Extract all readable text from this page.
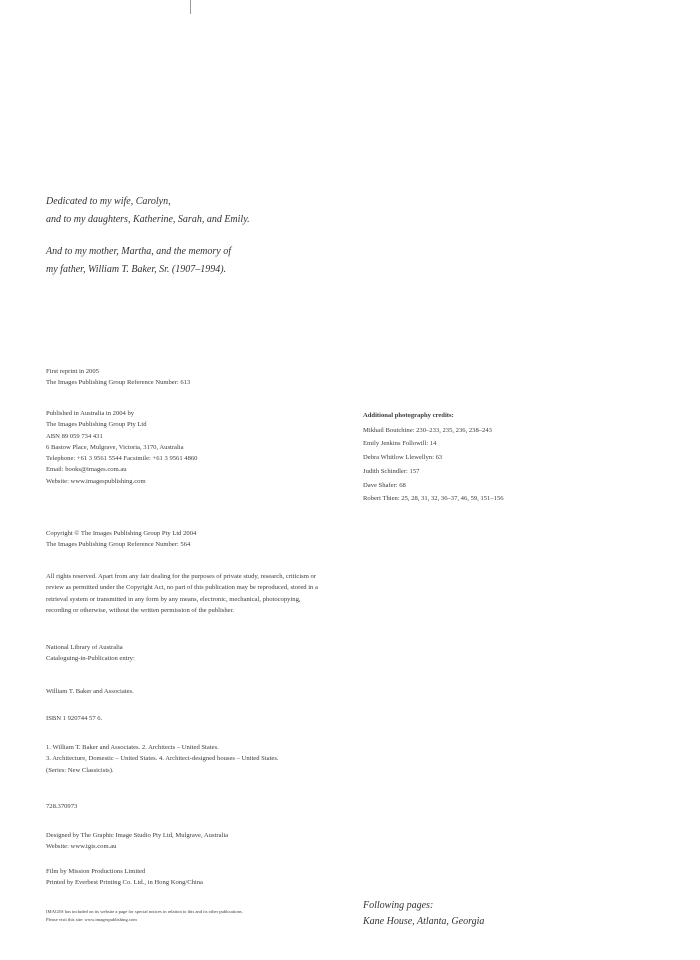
Dedicated to my wife, Carolyn,
and to my daughters, Katherine, Sarah, and Emily.

And to my mother, Martha, and the memory of
my father, William T. Baker, Sr. (1907–1994).

First reprint in 2005
The Images Publishing Group Reference Number: 613
Published in Australia in 2004 by
The Images Publishing Group Pty Ltd
ABN 89 059 734 431
6 Bastow Place, Mulgrave, Victoria, 3170, Australia
Telephone: +61 3 9561 5544 Facsimile: +61 3 9561 4860
Email: books@images.com.au
Website: www.imagespublishing.com
Copyright © The Images Publishing Group Pty Ltd 2004
The Images Publishing Group Reference Number: 564
All rights reserved. Apart from any fair dealing for the purposes of private study, research, criticism or
review as permitted under the Copyright Act, no part of this publication may be reproduced, stored in a
retrieval system or transmitted in any form by any means, electronic, mechanical, photocopying,
recording or otherwise, without the written permission of the publisher.
National Library of Australia
Cataloguing-in-Publication entry:
William T. Baker and Associates.
ISBN 1 920744 57 6.
1. William T. Baker and Associates. 2. Architects – United States.
3. Architecture, Domestic – United States. 4. Architect-designed houses – United States.
(Series: New Classicists).
728.370973
Designed by The Graphic Image Studio Pty Ltd, Mulgrave, Australia
Website: www.tgis.com.au
Film by Mission Productions Limited
Printed by Everbest Printing Co. Ltd., in Hong Kong/China
IMAGES has included on its website a page for special notices in relation to this and its other publications.
Please visit this site: www.imagespublishing.com
Additional photography credits:
Mikhail Boutchine: 230–233, 235, 236, 238–243
Emily Jenkins Followill: 14
Debra Whitlow Llewellyn: 63
Judith Schindler: 157
Dave Shafer: 68
Robert Thien: 25, 28, 31, 32, 36–37, 46, 59, 151–156
Following pages:
Kane House, Atlanta, Georgia
